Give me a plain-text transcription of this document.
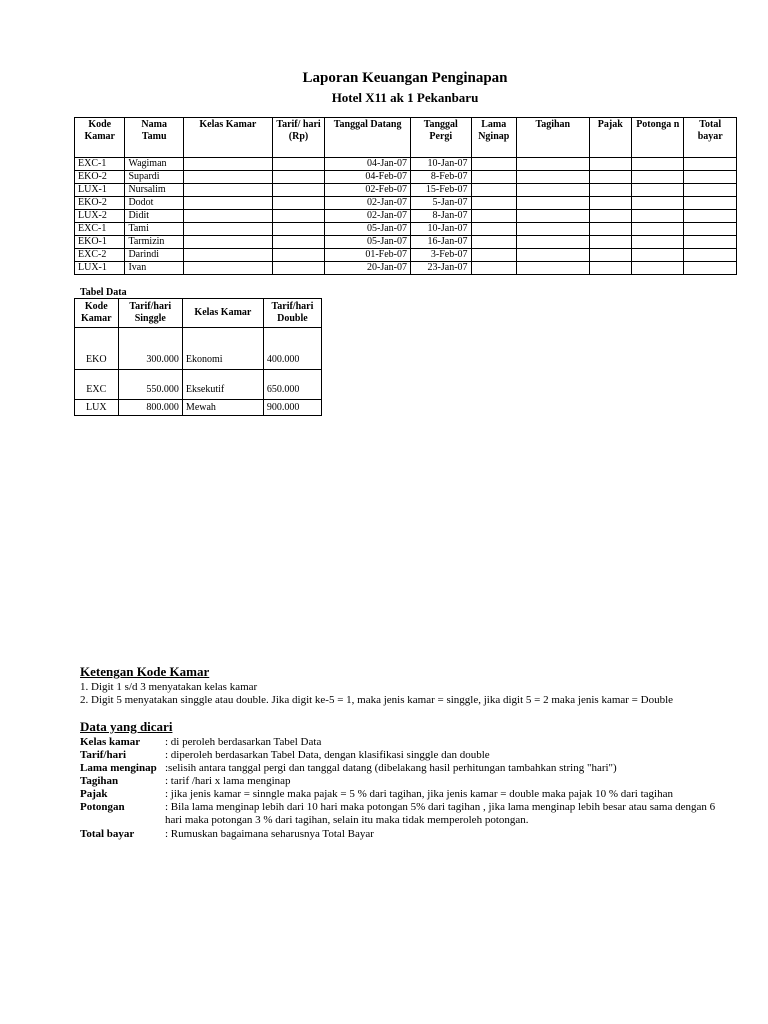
Laporan Keuangan Penginapan
Hotel X11 ak 1 Pekanbaru
Kode Kamar	Nama Tamu	Kelas Kamar	Tarif/ hari (Rp)	Tanggal Datang	Tanggal Pergi	Lama Nginap	Tagihan	Pajak	Potonga n	Total bayar
EXC-1	Wagiman			04-Jan-07	10-Jan-07					
EKO-2	Supardi			04-Feb-07	8-Feb-07					
LUX-1	Nursalim			02-Feb-07	15-Feb-07					
EKO-2	Dodot			02-Jan-07	5-Jan-07					
LUX-2	Didit			02-Jan-07	8-Jan-07					
EXC-1	Tami			05-Jan-07	10-Jan-07					
EKO-1	Tarmizin			05-Jan-07	16-Jan-07					
EXC-2	Darindi			01-Feb-07	3-Feb-07					
LUX-1	Ivan			20-Jan-07	23-Jan-07					
Tabel Data
Kode Kamar	Tarif/hari Singgle	Kelas Kamar	Tarif/hari Double
EKO	300.000	Ekonomi	400.000
EXC	550.000	Eksekutif	650.000
LUX	800.000	Mewah	900.000
Ketengan Kode Kamar
1. Digit 1 s/d 3 menyatakan kelas kamar
2. Digit 5 menyatakan singgle atau double. Jika digit ke-5 = 1, maka jenis kamar = singgle, jika digit 5 = 2 maka jenis kamar = Double
Data yang dicari
Kelas kamar	: di peroleh berdasarkan Tabel Data
Tarif/hari	: diperoleh berdasarkan Tabel Data, dengan klasifikasi singgle dan double
Lama menginap :selisih antara tanggal pergi dan tanggal datang (dibelakang hasil perhitungan tambahkan string "hari")
Tagihan	: tarif /hari x lama menginap
Pajak	: jika jenis kamar = sinngle maka pajak = 5 % dari tagihan, jika jenis kamar = double maka pajak 10 % dari tagihan
Potongan	: Bila lama menginap lebih dari 10 hari maka potongan 5% dari tagihan , jika lama menginap lebih besar atau sama dengan 6 hari maka potongan 3 % dari tagihan, selain itu maka tidak memperoleh potongan.
Total bayar	: Rumuskan bagaimana seharusnya Total Bayar
